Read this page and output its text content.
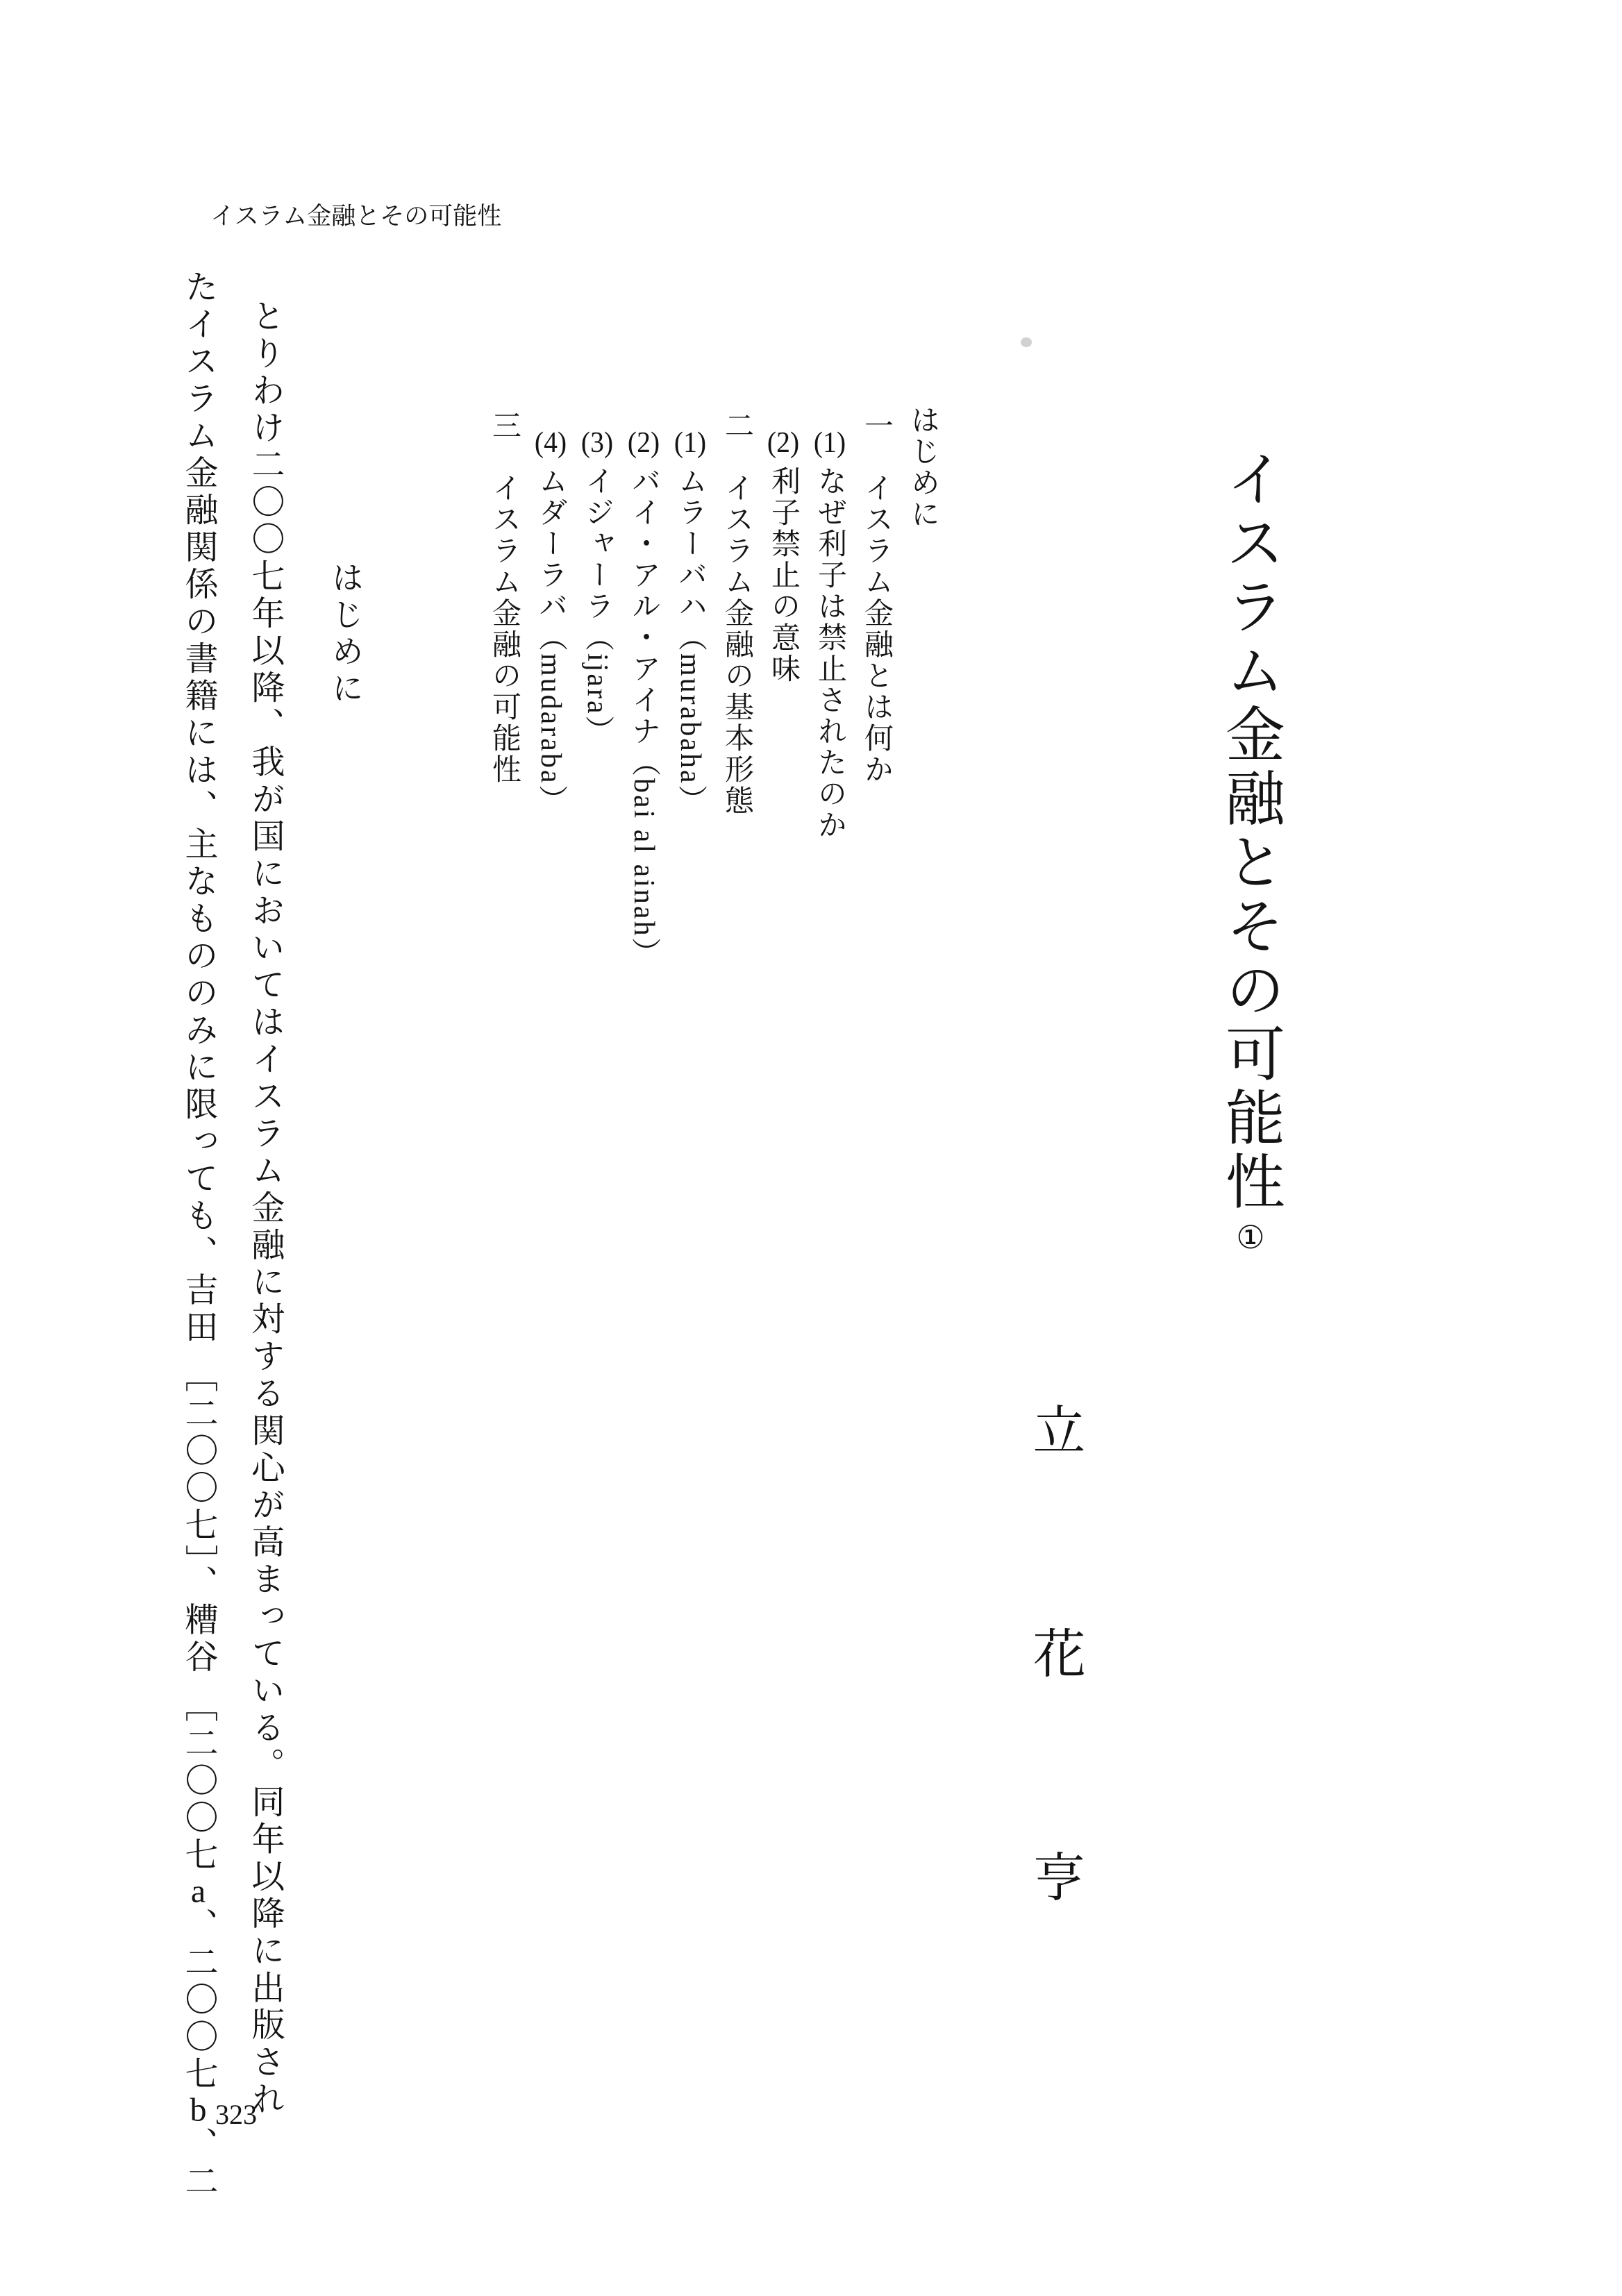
イスラム金融とその可能性
イスラム金融とその可能性①
立花亨
はじめに
一　イスラム金融とは何か
(1)なぜ利子は禁止されたのか
(2)利子禁止の意味
二　イスラム金融の基本形態
(1)ムラーバハ（murabaha）
(2)バイ・アル・アイナ（bai al ainah）
(3)イジャーラ（ijara）
(4)ムダーラバ（mudaraba）
三　イスラム金融の可能性
はじめに
とりわけ二〇〇七年以降、我が国においてはイスラム金融に対する関心が高まっている。同年以降に出版され
たイスラム金融関係の書籍には、主なもののみに限っても、吉田 ［二〇〇七］、糟谷 ［二〇〇七a、二〇〇七b、二
323
